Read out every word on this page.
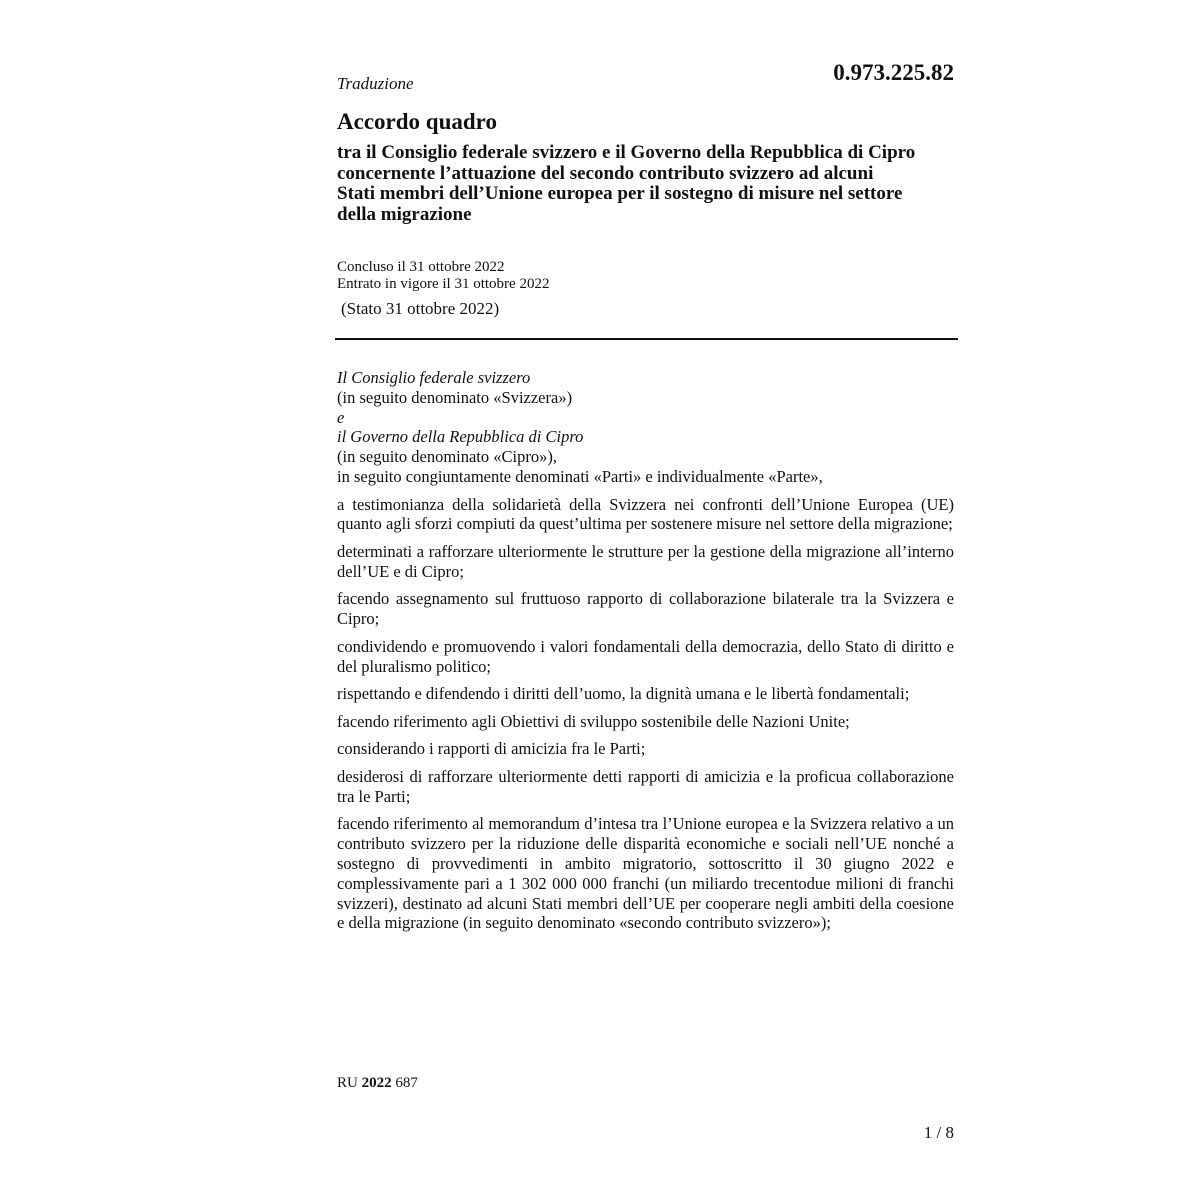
Traduzione	0.973.225.82

Accordo quadro
tra il Consiglio federale svizzero e il Governo della Repubblica di Cipro
concernente l’attuazione del secondo contributo svizzero ad alcuni
Stati membri dell’Unione europea per il sostegno di misure nel settore
della migrazione
Concluso il 31 ottobre 2022
Entrato in vigore il 31 ottobre 2022

(Stato 31 ottobre 2022)

Il Consiglio federale svizzero
(in seguito denominato «Svizzera»)
e
il Governo della Repubblica di Cipro
(in seguito denominato «Cipro»),
in seguito congiuntamente denominati «Parti» e individualmente «Parte»,
a testimonianza della solidarietà della Svizzera nei confronti dell’Unione Europea (UE) quanto agli sforzi compiuti da quest’ultima per sostenere misure nel settore della migrazione;
determinati a rafforzare ulteriormente le strutture per la gestione della migrazione all’interno dell’UE e di Cipro;
facendo assegnamento sul fruttuoso rapporto di collaborazione bilaterale tra la Svizzera e Cipro;
condividendo e promuovendo i valori fondamentali della democrazia, dello Stato di diritto e del pluralismo politico;
rispettando e difendendo i diritti dell’uomo, la dignità umana e le libertà fondamentali;
facendo riferimento agli Obiettivi di sviluppo sostenibile delle Nazioni Unite;
considerando i rapporti di amicizia fra le Parti;
desiderosi di rafforzare ulteriormente detti rapporti di amicizia e la proficua collaborazione tra le Parti;
facendo riferimento al memorandum d’intesa tra l’Unione europea e la Svizzera relativo a un contributo svizzero per la riduzione delle disparità economiche e sociali nell’UE nonché a sostegno di provvedimenti in ambito migratorio, sottoscritto il 30 giugno 2022 e complessivamente pari a 1 302 000 000 franchi (un miliardo trecentodue milioni di franchi svizzeri), destinato ad alcuni Stati membri dell’UE per cooperare negli ambiti della coesione e della migrazione (in seguito denominato «secondo contributo svizzero»);

RU 2022 687

1 / 8
